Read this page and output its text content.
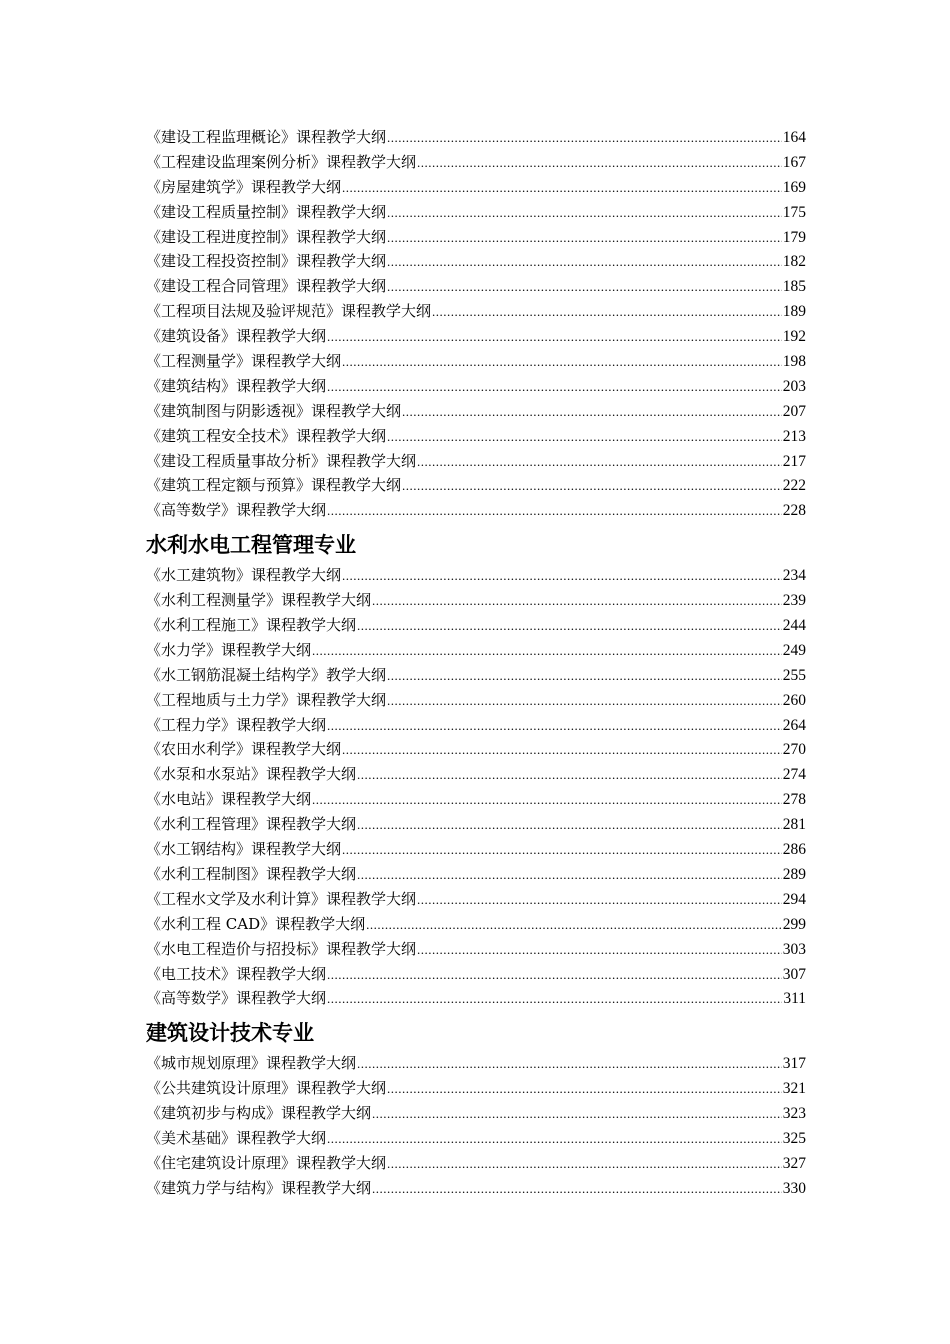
《建设工程监理概论》课程教学大纲 .....	164
《工程建设监理案例分析》课程教学大纲 .....	167
《房屋建筑学》课程教学大纲 .....	169
《建设工程质量控制》课程教学大纲 .....	175
《建设工程进度控制》课程教学大纲 .....	179
《建设工程投资控制》课程教学大纲 .....	182
《建设工程合同管理》课程教学大纲 .....	185
《工程项目法规及验评规范》课程教学大纲 .....	189
《建筑设备》课程教学大纲 .....	192
《工程测量学》课程教学大纲 .....	198
《建筑结构》课程教学大纲 .....	203
《建筑制图与阴影透视》课程教学大纲 .....	207
《建筑工程安全技术》课程教学大纲 .....	213
《建设工程质量事故分析》课程教学大纲 .....	217
《建筑工程定额与预算》课程教学大纲 .....	222
《高等数学》课程教学大纲 .....	228
水利水电工程管理专业
《水工建筑物》课程教学大纲 .....	234
《水利工程测量学》课程教学大纲 .....	239
《水利工程施工》课程教学大纲 .....	244
《水力学》课程教学大纲 .....	249
《水工钢筋混凝土结构学》教学大纲 .....	255
《工程地质与土力学》课程教学大纲 .....	260
《工程力学》课程教学大纲 .....	264
《农田水利学》课程教学大纲 .....	270
《水泵和水泵站》课程教学大纲 .....	274
《水电站》课程教学大纲 .....	278
《水利工程管理》课程教学大纲 .....	281
《水工钢结构》课程教学大纲 .....	286
《水利工程制图》课程教学大纲 .....	289
《工程水文学及水利计算》课程教学大纲 .....	294
《水利工程 CAD》课程教学大纲 .....	299
《水电工程造价与招投标》课程教学大纲 .....	303
《电工技术》课程教学大纲 .....	307
《高等数学》课程教学大纲 .....	311
建筑设计技术专业
《城市规划原理》课程教学大纲 .....	317
《公共建筑设计原理》课程教学大纲 .....	321
《建筑初步与构成》课程教学大纲 .....	323
《美术基础》课程教学大纲 .....	325
《住宅建筑设计原理》课程教学大纲 .....	327
《建筑力学与结构》课程教学大纲 .....	330
